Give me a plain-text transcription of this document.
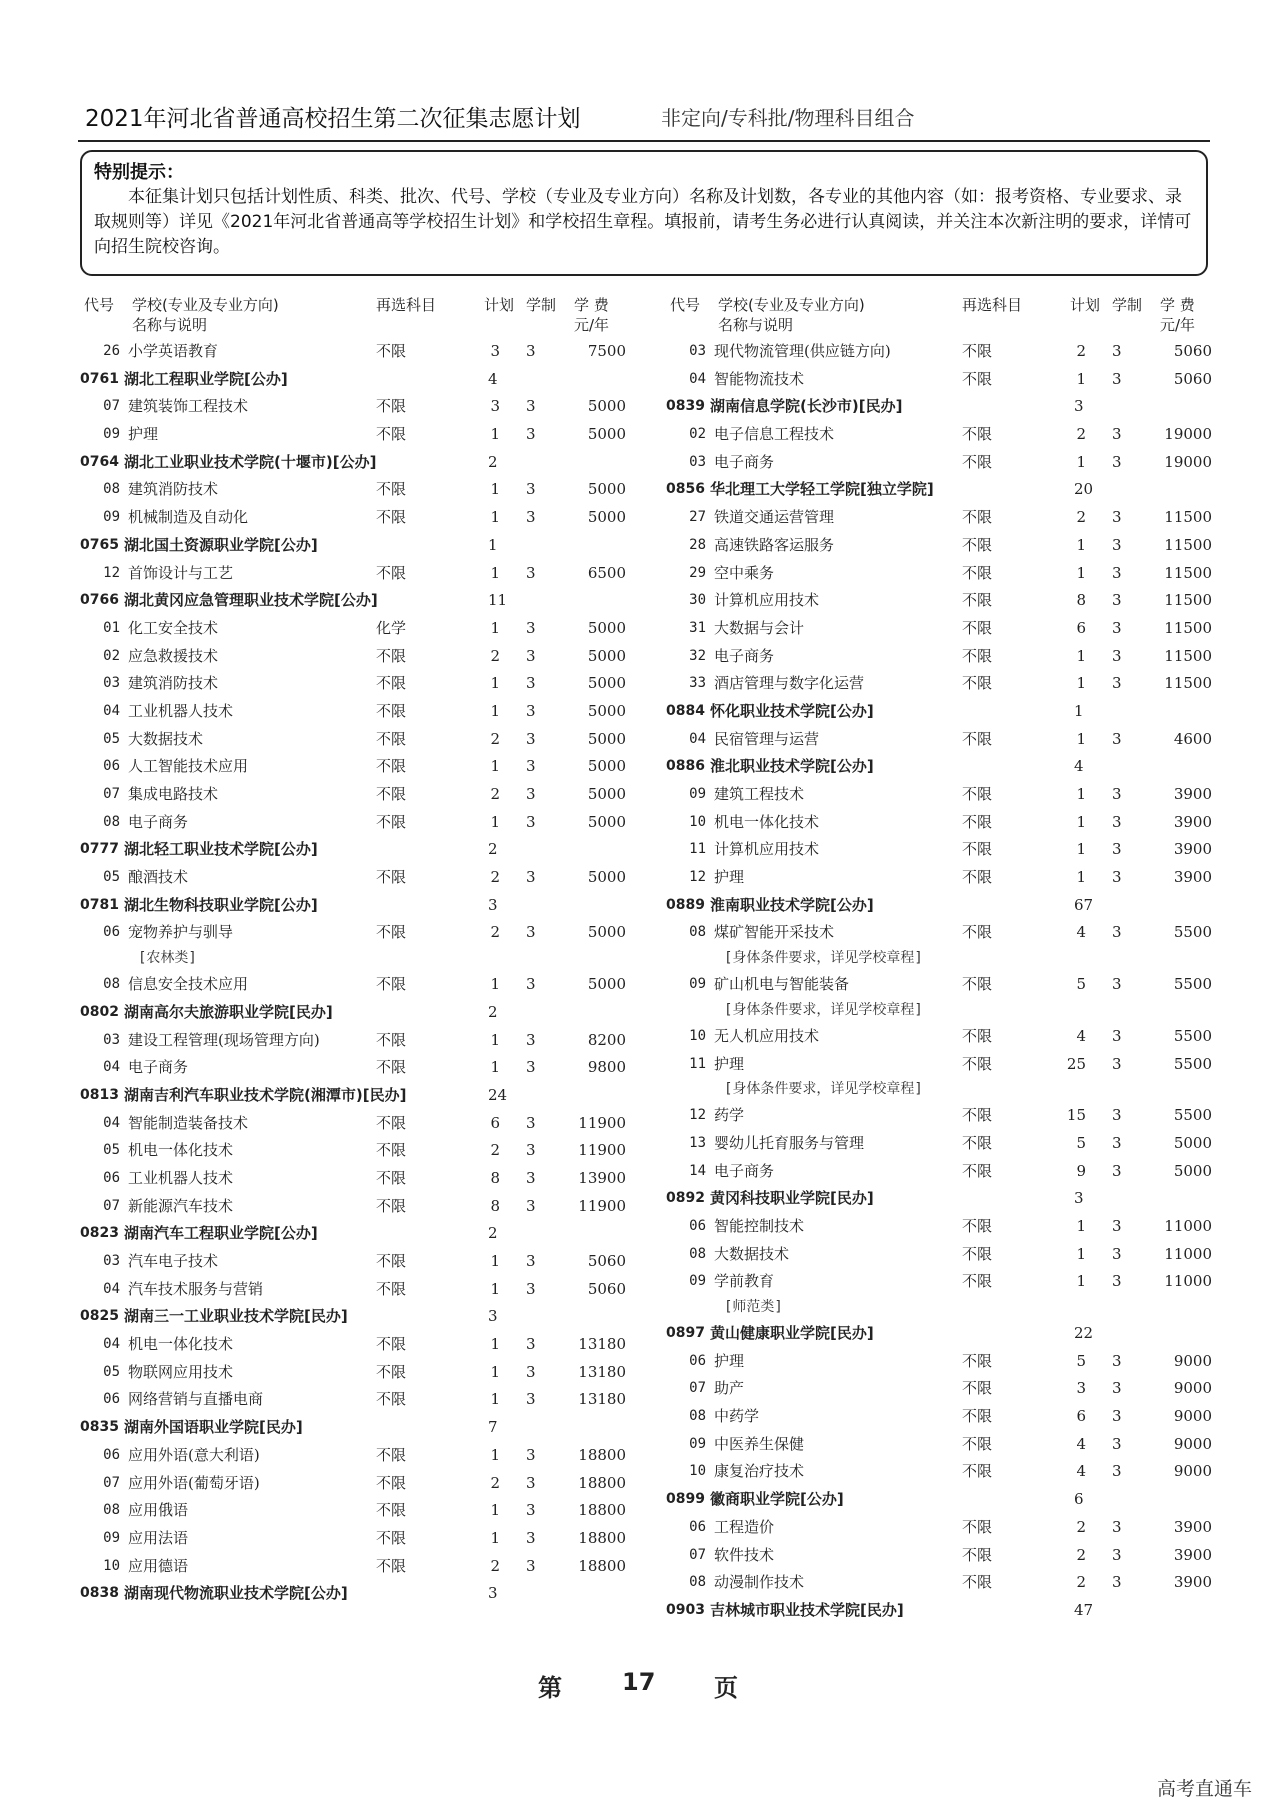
2021年河北省普通高校招生第二次征集志愿计划	非定向/专科批/物理科目组合
特别提示：
本征集计划只包括计划性质、科类、批次、代号、学校（专业及专业方向）名称及计划数，各专业的其他内容（如：报考资格、专业要求、录取规则等）详见《2021年河北省普通高等学校招生计划》和学校招生章程。填报前，请考生务必进行认真阅读，并关注本次新注明的要求，详情可向招生院校咨询。
代号 学校(专业及专业方向)
名称与说明
再选科目	计划 学制 学 费
元/年
26 小学英语教育	不限	3 3	7500
0761 湖北工程职业学院[公办]	4
07 建筑装饰工程技术	不限	3 3	5000
09 护理	不限	1 3	5000
0764 湖北工业职业技术学院(十堰市)[公办]	2
08 建筑消防技术	不限	1 3	5000
09 机械制造及自动化	不限	1 3	5000
0765 湖北国土资源职业学院[公办]	1
12 首饰设计与工艺	不限	1 3	6500
0766 湖北黄冈应急管理职业技术学院[公办]	11
01 化工安全技术	化学	1 3	5000
02 应急救援技术	不限	2 3	5000
03 建筑消防技术	不限	1 3	5000
04 工业机器人技术	不限	1 3	5000
05 大数据技术	不限	2 3	5000
06 人工智能技术应用	不限	1 3	5000
07 集成电路技术	不限	2 3	5000
08 电子商务	不限	1 3	5000
0777 湖北轻工职业技术学院[公办]	2
05 酿酒技术	不限	2 3	5000
0781 湖北生物科技职业学院[公办]	3
06 宠物养护与驯导	不限	2 3	5000
[农林类]
08 信息安全技术应用	不限	1 3	5000
0802 湖南高尔夫旅游职业学院[民办]	2
03 建设工程管理(现场管理方向)	不限	1 3	8200
04 电子商务	不限	1 3	9800
0813 湖南吉利汽车职业技术学院(湘潭市)[民办]	24
04 智能制造装备技术	不限	6 3	11900
05 机电一体化技术	不限	2 3	11900
06 工业机器人技术	不限	8 3	13900
07 新能源汽车技术	不限	8 3	11900
0823 湖南汽车工程职业学院[公办]	2
03 汽车电子技术	不限	1 3	5060
04 汽车技术服务与营销	不限	1 3	5060
0825 湖南三一工业职业技术学院[民办]	3
04 机电一体化技术	不限	1 3	13180
05 物联网应用技术	不限	1 3	13180
06 网络营销与直播电商	不限	1 3	13180
0835 湖南外国语职业学院[民办]	7
06 应用外语(意大利语)	不限	1 3	18800
07 应用外语(葡萄牙语)	不限	2 3	18800
08 应用俄语	不限	1 3	18800
09 应用法语	不限	1 3	18800
10 应用德语	不限	2 3	18800
0838 湖南现代物流职业技术学院[公办]	3
代号 学校(专业及专业方向)
名称与说明
再选科目	计划 学制 学 费
元/年
03 现代物流管理(供应链方向)	不限	2 3	5060
04 智能物流技术	不限	1 3	5060
0839 湖南信息学院(长沙市)[民办]	3
02 电子信息工程技术	不限	2 3	19000
03 电子商务	不限	1 3	19000
0856 华北理工大学轻工学院[独立学院]	20
27 铁道交通运营管理	不限	2 3	11500
28 高速铁路客运服务	不限	1 3	11500
29 空中乘务	不限	1 3	11500
30 计算机应用技术	不限	8 3	11500
31 大数据与会计	不限	6 3	11500
32 电子商务	不限	1 3	11500
33 酒店管理与数字化运营	不限	1 3	11500
0884 怀化职业技术学院[公办]	1
04 民宿管理与运营	不限	1 3	4600
0886 淮北职业技术学院[公办]	4
09 建筑工程技术	不限	1 3	3900
10 机电一体化技术	不限	1 3	3900
11 计算机应用技术	不限	1 3	3900
12 护理	不限	1 3	3900
0889 淮南职业技术学院[公办]	67
08 煤矿智能开采技术	不限	4 3	5500
[身体条件要求，详见学校章程]
09 矿山机电与智能装备	不限	5 3	5500
[身体条件要求，详见学校章程]
10 无人机应用技术	不限	4 3	5500
11 护理	不限	25 3	5500
[身体条件要求，详见学校章程]
12 药学	不限	15 3	5500
13 婴幼儿托育服务与管理	不限	5 3	5000
14 电子商务	不限	9 3	5000
0892 黄冈科技职业学院[民办]	3
06 智能控制技术	不限	1 3	11000
08 大数据技术	不限	1 3	11000
09 学前教育	不限	1 3	11000
[师范类]
0897 黄山健康职业学院[民办]	22
06 护理	不限	5 3	9000
07 助产	不限	3 3	9000
08 中药学	不限	6 3	9000
09 中医养生保健	不限	4 3	9000
10 康复治疗技术	不限	4 3	9000
0899 徽商职业学院[公办]	6
06 工程造价	不限	2 3	3900
07 软件技术	不限	2 3	3900
08 动漫制作技术	不限	2 3	3900
0903 吉林城市职业技术学院[民办]	47
第	17 页
高考直通车
